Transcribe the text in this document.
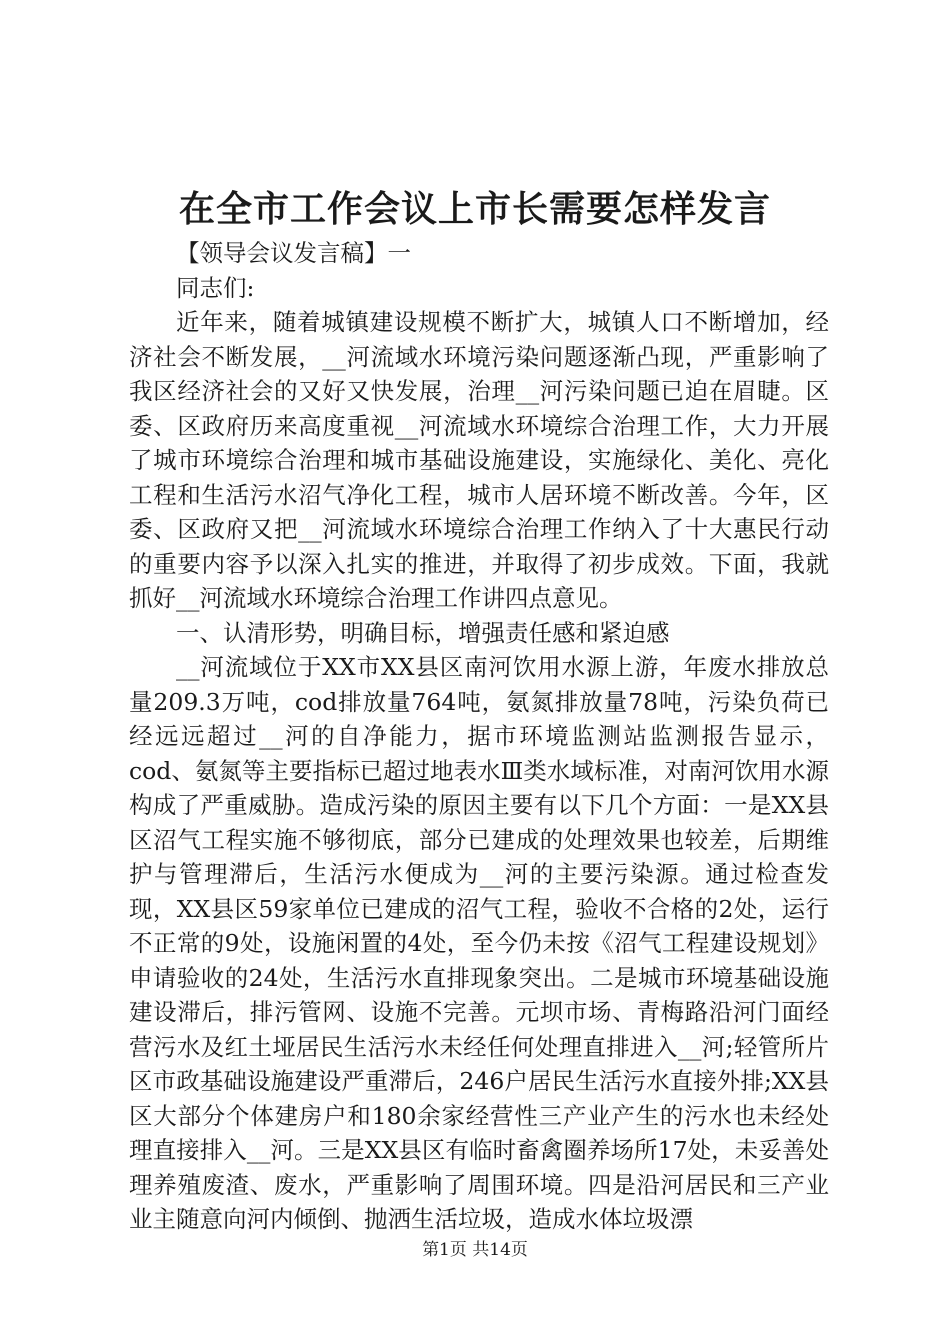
在全市工作会议上市长需要怎样发言

【领导会议发言稿】一

同志们:

近年来，随着城镇建设规模不断扩大，城镇人口不断增加，经济社会不断发展，__河流域水环境污染问题逐渐凸现，严重影响了我区经济社会的又好又快发展，治理__河污染问题已迫在眉睫。区委、区政府历来高度重视__河流域水环境综合治理工作，大力开展了城市环境综合治理和城市基础设施建设，实施绿化、美化、亮化工程和生活污水沼气净化工程，城市人居环境不断改善。今年，区委、区政府又把__河流域水环境综合治理工作纳入了十大惠民行动的重要内容予以深入扎实的推进，并取得了初步成效。下面，我就抓好__河流域水环境综合治理工作讲四点意见。

一、认清形势，明确目标，增强责任感和紧迫感

__河流域位于XX市XX县区南河饮用水源上游，年废水排放总量209.3万吨，cod排放量764吨，氨氮排放量78吨，污染负荷已经远远超过__河的自净能力，据市环境监测站监测报告显示，cod、氨氮等主要指标已超过地表水Ⅲ类水域标准，对南河饮用水源构成了严重威胁。造成污染的原因主要有以下几个方面：一是XX县区沼气工程实施不够彻底，部分已建成的处理效果也较差，后期维护与管理滞后，生活污水便成为__河的主要污染源。通过检查发现，XX县区59家单位已建成的沼气工程，验收不合格的2处，运行不正常的9处，设施闲置的4处，至今仍未按《沼气工程建设规划》申请验收的24处，生活污水直排现象突出。二是城市环境基础设施建设滞后，排污管网、设施不完善。元坝市场、青梅路沿河门面经营污水及红土垭居民生活污水未经任何处理直排进入__河;轻管所片区市政基础设施建设严重滞后，246户居民生活污水直接外排;XX县区大部分个体建房户和180余家经营性三产业产生的污水也未经处理直接排入__河。三是XX县区有临时畜禽圈养场所17处，未妥善处理养殖废渣、废水，严重影响了周围环境。四是沿河居民和三产业业主随意向河内倾倒、抛洒生活垃圾，造成水体垃圾漂

第1页 共14页
